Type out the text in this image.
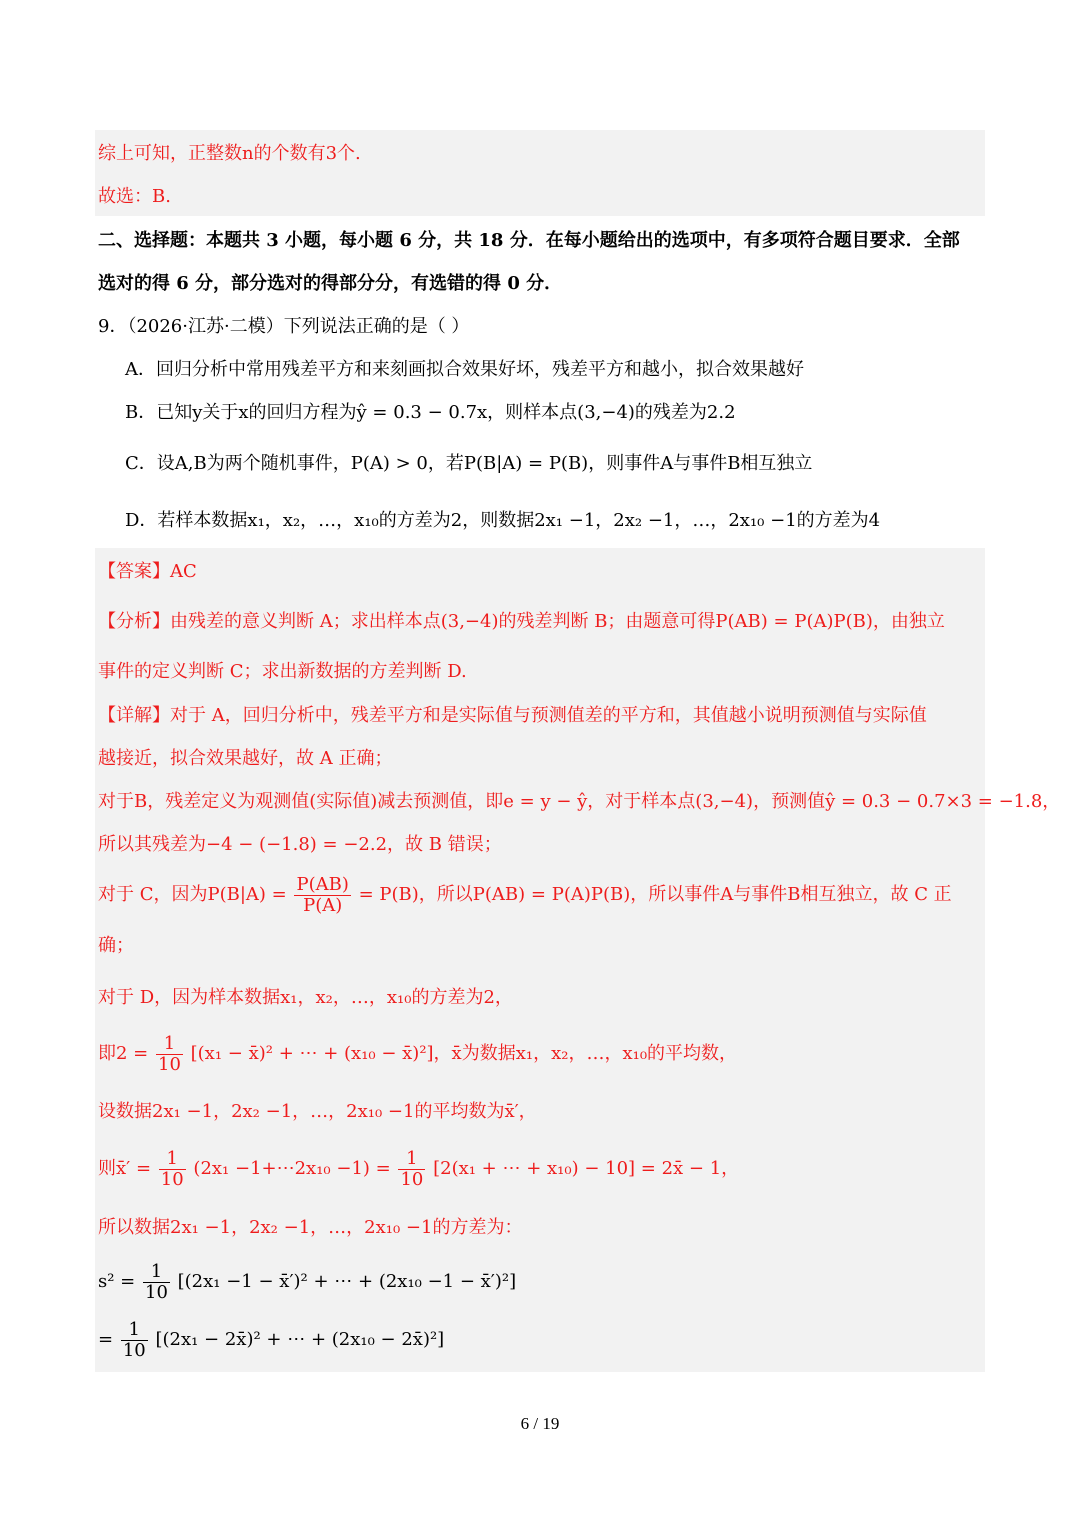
综上可知，正整数n的个数有3个.
故选：B.
二、选择题：本题共 3 小题，每小题 6 分，共 18 分．在每小题给出的选项中，有多项符合题目要求．全部
选对的得 6 分，部分选对的得部分分，有选错的得 0 分．
9．（2026·江苏·二模）下列说法正确的是（ ）
A．回归分析中常用残差平方和来刻画拟合效果好坏，残差平方和越小，拟合效果越好
B．已知y关于x的回归方程为ŷ = 0.3 − 0.7x，则样本点(3,−4)的残差为2.2
C．设A,B为两个随机事件，P(A) > 0，若P(B|A) = P(B)，则事件A与事件B相互独立
D．若样本数据x₁，x₂，…，x₁₀的方差为2，则数据2x₁ −1，2x₂ −1，…，2x₁₀ −1的方差为4
【答案】AC
【分析】由残差的意义判断 A；求出样本点(3,−4)的残差判断 B；由题意可得P(AB) = P(A)P(B)，由独立
事件的定义判断 C；求出新数据的方差判断 D.
【详解】对于 A，回归分析中，残差平方和是实际值与预测值差的平方和，其值越小说明预测值与实际值
越接近，拟合效果越好，故 A 正确；
对于B，残差定义为观测值(实际值)减去预测值，即e = y − ŷ，对于样本点(3,−4)，预测值ŷ = 0.3 − 0.7×3 = −1.8，
所以其残差为−4 − (−1.8) = −2.2，故 B 错误；
对于 C，因为$P(B|A) = \frac{P(AB)}{P(A)} = P(B)$，所以P(AB) = P(A)P(B)，所以事件A与事件B相互独立，故 C 正
确；
对于 D，因为样本数据x₁，x₂，…，x₁₀的方差为2，
即$2 = \frac{1}{10} [(x_1$ − x̄)² + ⋯ + (x₁₀ − x̄)²]，x̄为数据x₁，x₂，…，x₁₀的平均数，
设数据2x₁ −1，2x₂ −1，…，2x₁₀ −1的平均数为x̄′，
则x̄′ = $\frac{1}{10} (2x_1$ −1+⋯2x₁₀ $-1) = \frac{1}{10} [2(x_1$ + ⋯ + x₁₀) − 10] = 2x̄ − 1，
所以数据2x₁ −1，2x₂ −1，…，2x₁₀ −1的方差为：
$s^2 = \frac{1}{10} [(2x_1 -1$ − x̄′)² + ⋯ + (2x₁₀ −1 − x̄′)²]
= $\frac{1}{10} [(2x_1$ − 2x̄)² + ⋯ + (2x₁₀ − 2x̄)²]
6 / 19
